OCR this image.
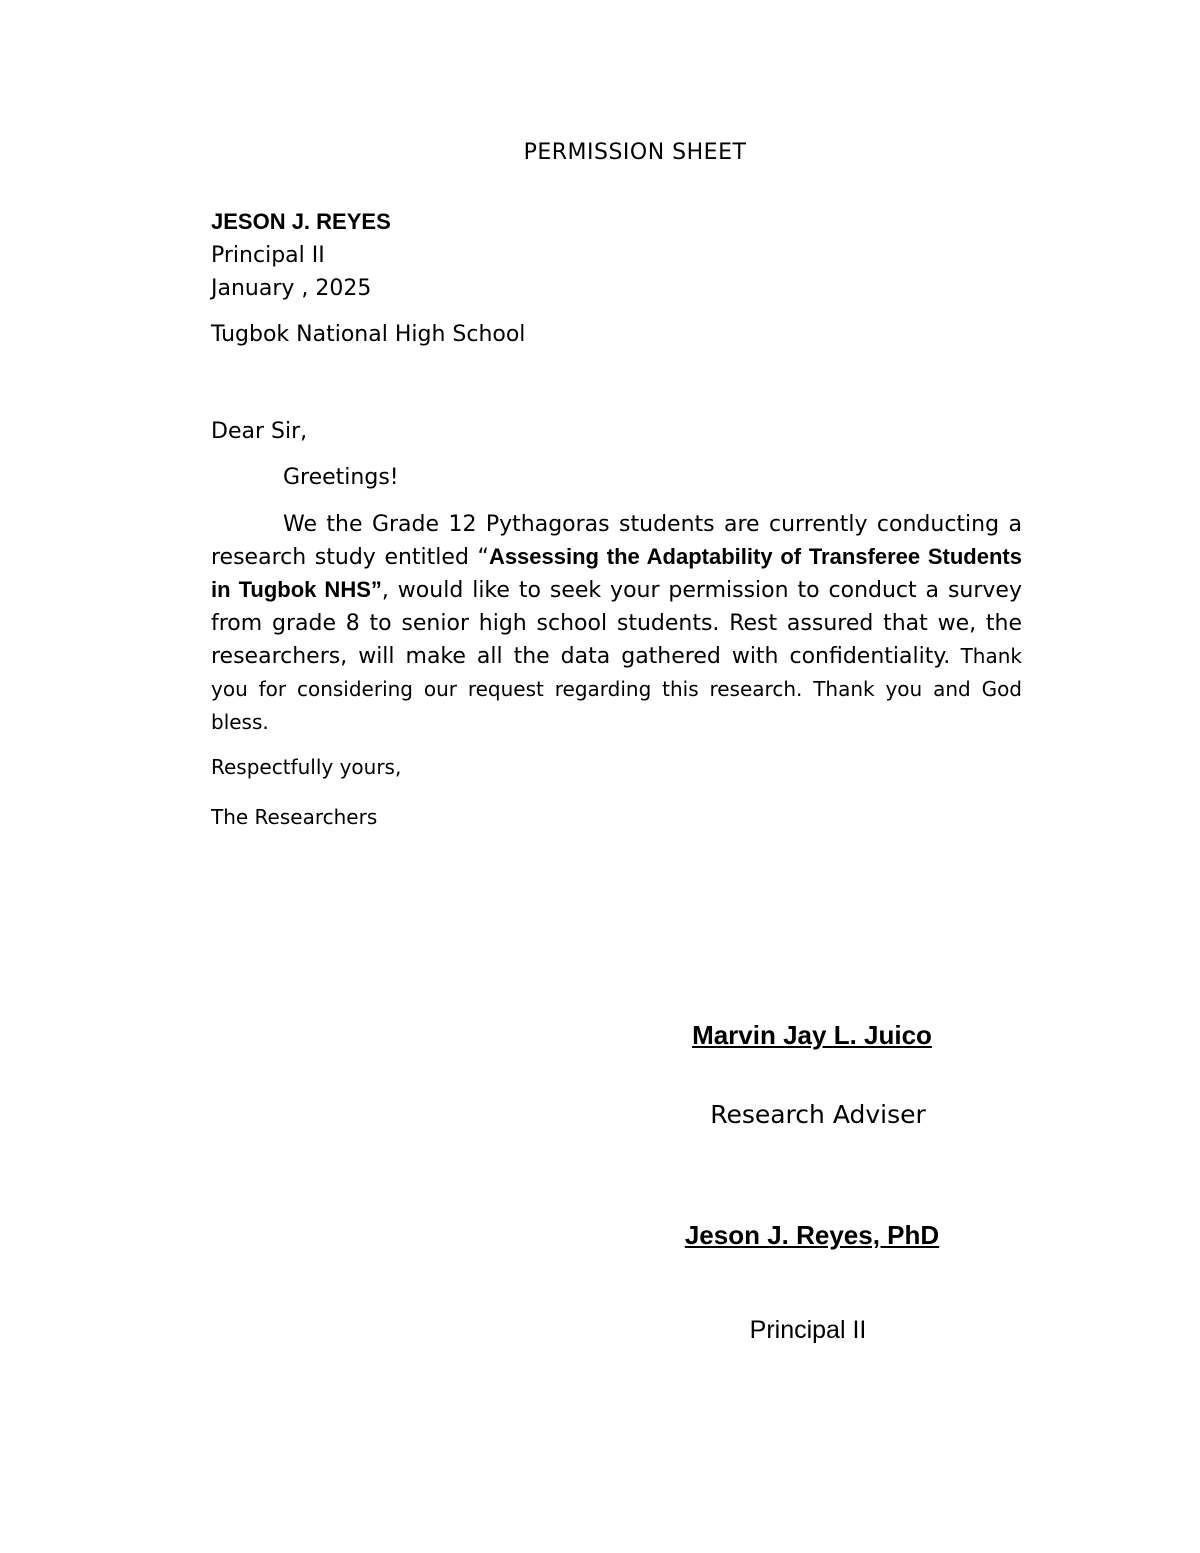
PERMISSION SHEET
JESON J. REYES
Principal II
January , 2025
Tugbok National High School
Dear Sir,
Greetings!
We the Grade 12 Pythagoras students are currently conducting a research study entitled “Assessing the Adaptability of Transferee Students in Tugbok NHS”, would like to seek your permission to conduct a survey from grade 8 to senior high school students. Rest assured that we, the researchers, will make all the data gathered with confidentiality. Thank you for considering our request regarding this research. Thank you and God bless.
Respectfully yours,
The Researchers
Marvin Jay L. Juico
Research Adviser
Jeson J. Reyes, PhD
Principal II
